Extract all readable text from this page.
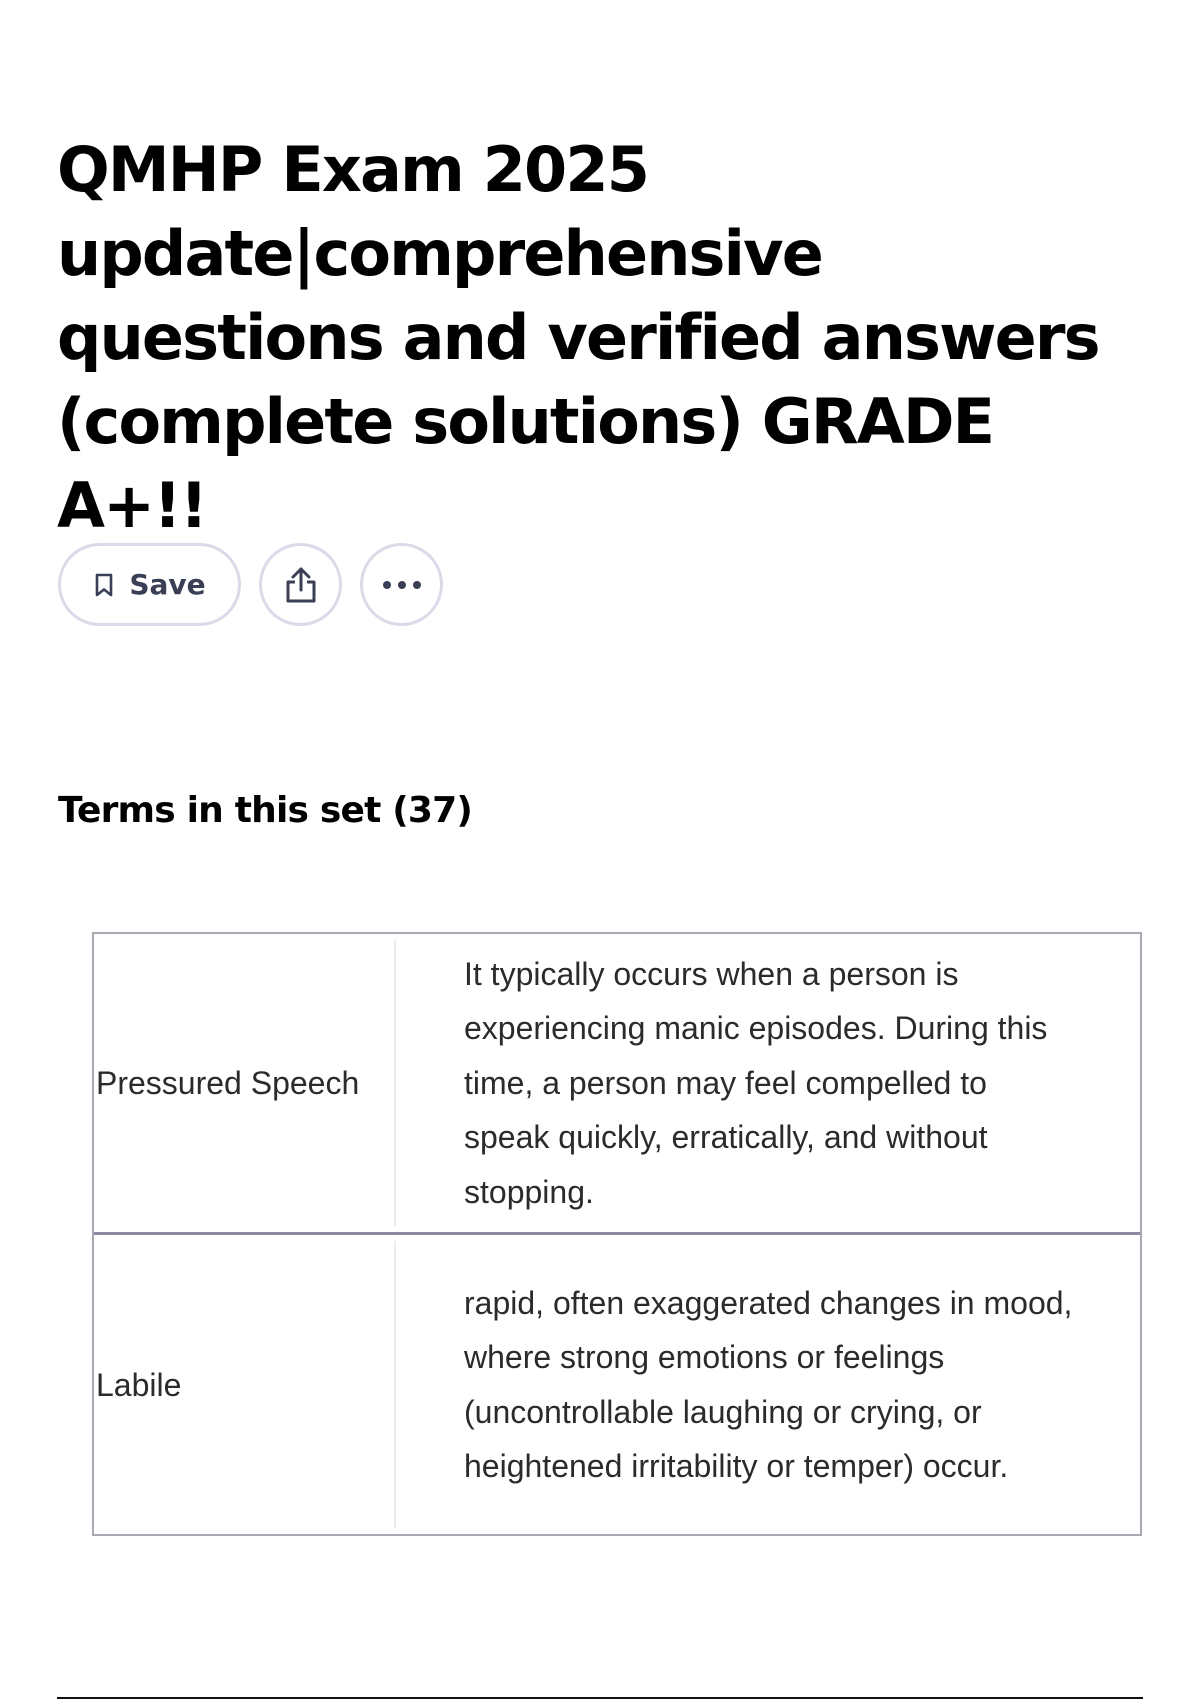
QMHP Exam 2025 update|comprehensive questions and verified answers (complete solutions) GRADE A+!!
Save
Terms in this set (37)
Pressured Speech
It typically occurs when a person is experiencing manic episodes. During this time, a person may feel compelled to speak quickly, erratically, and without stopping.
Labile
rapid, often exaggerated changes in mood, where strong emotions or feelings (uncontrollable laughing or crying, or heightened irritability or temper) occur.
